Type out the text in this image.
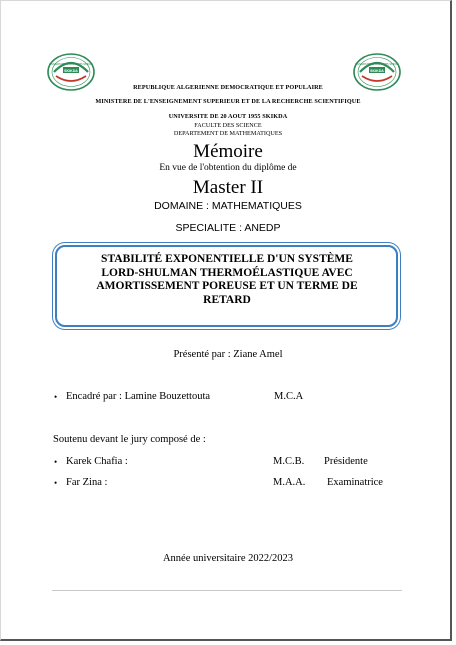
SKIKDA
UNIVERSITE 20 AOUT 1955 SKIKDA
SKIKDA
UNIVERSITE 20 AOUT 1955 SKIKDA
REPUBLIQUE ALGERIENNE DEMOCRATIQUE ET POPULAIRE
MINISTERE DE L'ENSEIGNEMENT SUPERIEUR ET DE LA RECHERCHE SCIENTIFIQUE
UNIVERSITE DE 20 AOUT 1955 SKIKDA
FACULTE DES SCIENCE
DEPARTEMENT DE MATHEMATIQUES
Mémoire
En vue de l'obtention du diplôme de
Master II
DOMAINE : MATHEMATIQUES
SPECIALITE : ANEDP
STABILITÉ EXPONENTIELLE D'UN SYSTÈME
LORD-SHULMAN THERMOÉLASTIQUE AVEC
AMORTISSEMENT POREUSE ET UN TERME DE
RETARD
Présenté par : Ziane Amel
• Encadré par : Lamine Bouzettouta	M.C.A
Soutenu devant le jury composé de :
• Karek Chafia :	M.C.B. Présidente
• Far Zina :	M.A.A. Examinatrice
Année universitaire 2022/2023
